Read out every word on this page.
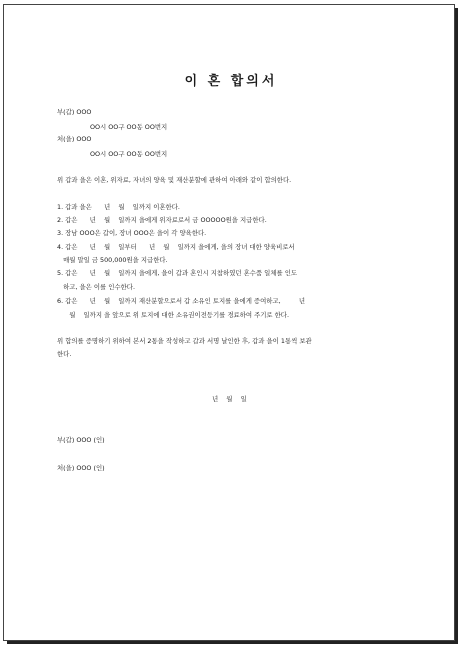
이 혼 합의서
부(갑) OOO
OO시 OO구 OO동 OO번지
처(을) OOO
OO시 OO구 OO동 OO번지
위 갑과 을은 이혼, 위자료, 자녀의 양육 및 재산분할에 관하여 아래와 같이 합의한다.
1. 갑과 을은      년    월    일까지 이혼한다.
2. 갑은      년    월    일까지 을에게 위자료로서 금 OOOOO원을 지급한다.
3. 장남 OOO은 갑이, 장녀 OOO은 을이 각 양육한다.
4. 갑은      년    월    일부터      년    월    일까지 을에게, 을의 장녀 대한 양육비로서
매월 말일 금 500,000원을 지급한다.
5. 갑은      년    월    일까지 을에게, 을이 갑과 혼인시 지참하였던 혼수품 일체를 인도
하고, 을은 이를 인수한다.
6. 갑은      년    월    일까지 재산분할으로서 갑 소유인 토지를 을에게 증여하고,         년
월    일까지 을 앞으로 위 토지에 대한 소유권이전등기를 경료하여 주기로 한다.
위 합의를 증명하기 위하여 본서 2통을 작성하고 갑과 서명 날인한 후, 갑과 을이 1통씩 보관
한다.
년    월    일
부(갑) OOO (인)
처(을) OOO (인)
